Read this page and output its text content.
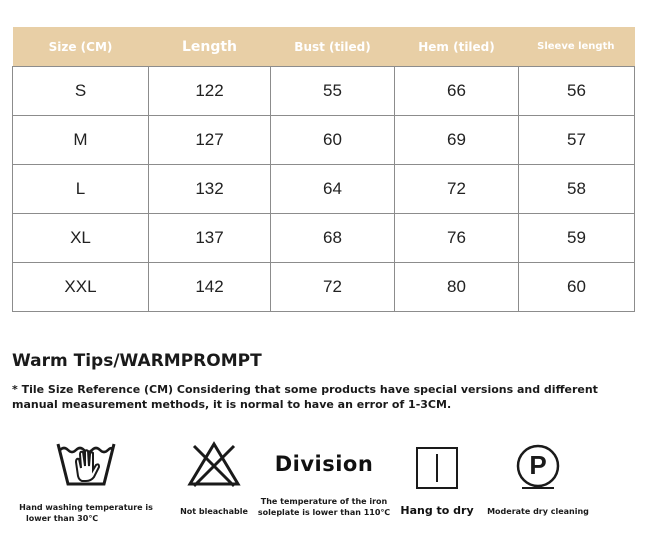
Size (CM)	Length	Bust (tiled)	Hem (tiled)	Sleeve length
S	122	55	66	56
M	127	60	69	57
L	132	64	72	58
XL	137	68	76	59
XXL	142	72	80	60
Warm Tips/WARMPROMPT

* Tile Size Reference (CM) Considering that some products have special versions and different manual measurement methods, it is normal to have an error of 1-3CM.

Hand washing temperature is
lower than 30℃
Not bleachable
Division
The temperature of the iron
soleplate is lower than 110℃ Hang to dry
P
Moderate dry cleaning
